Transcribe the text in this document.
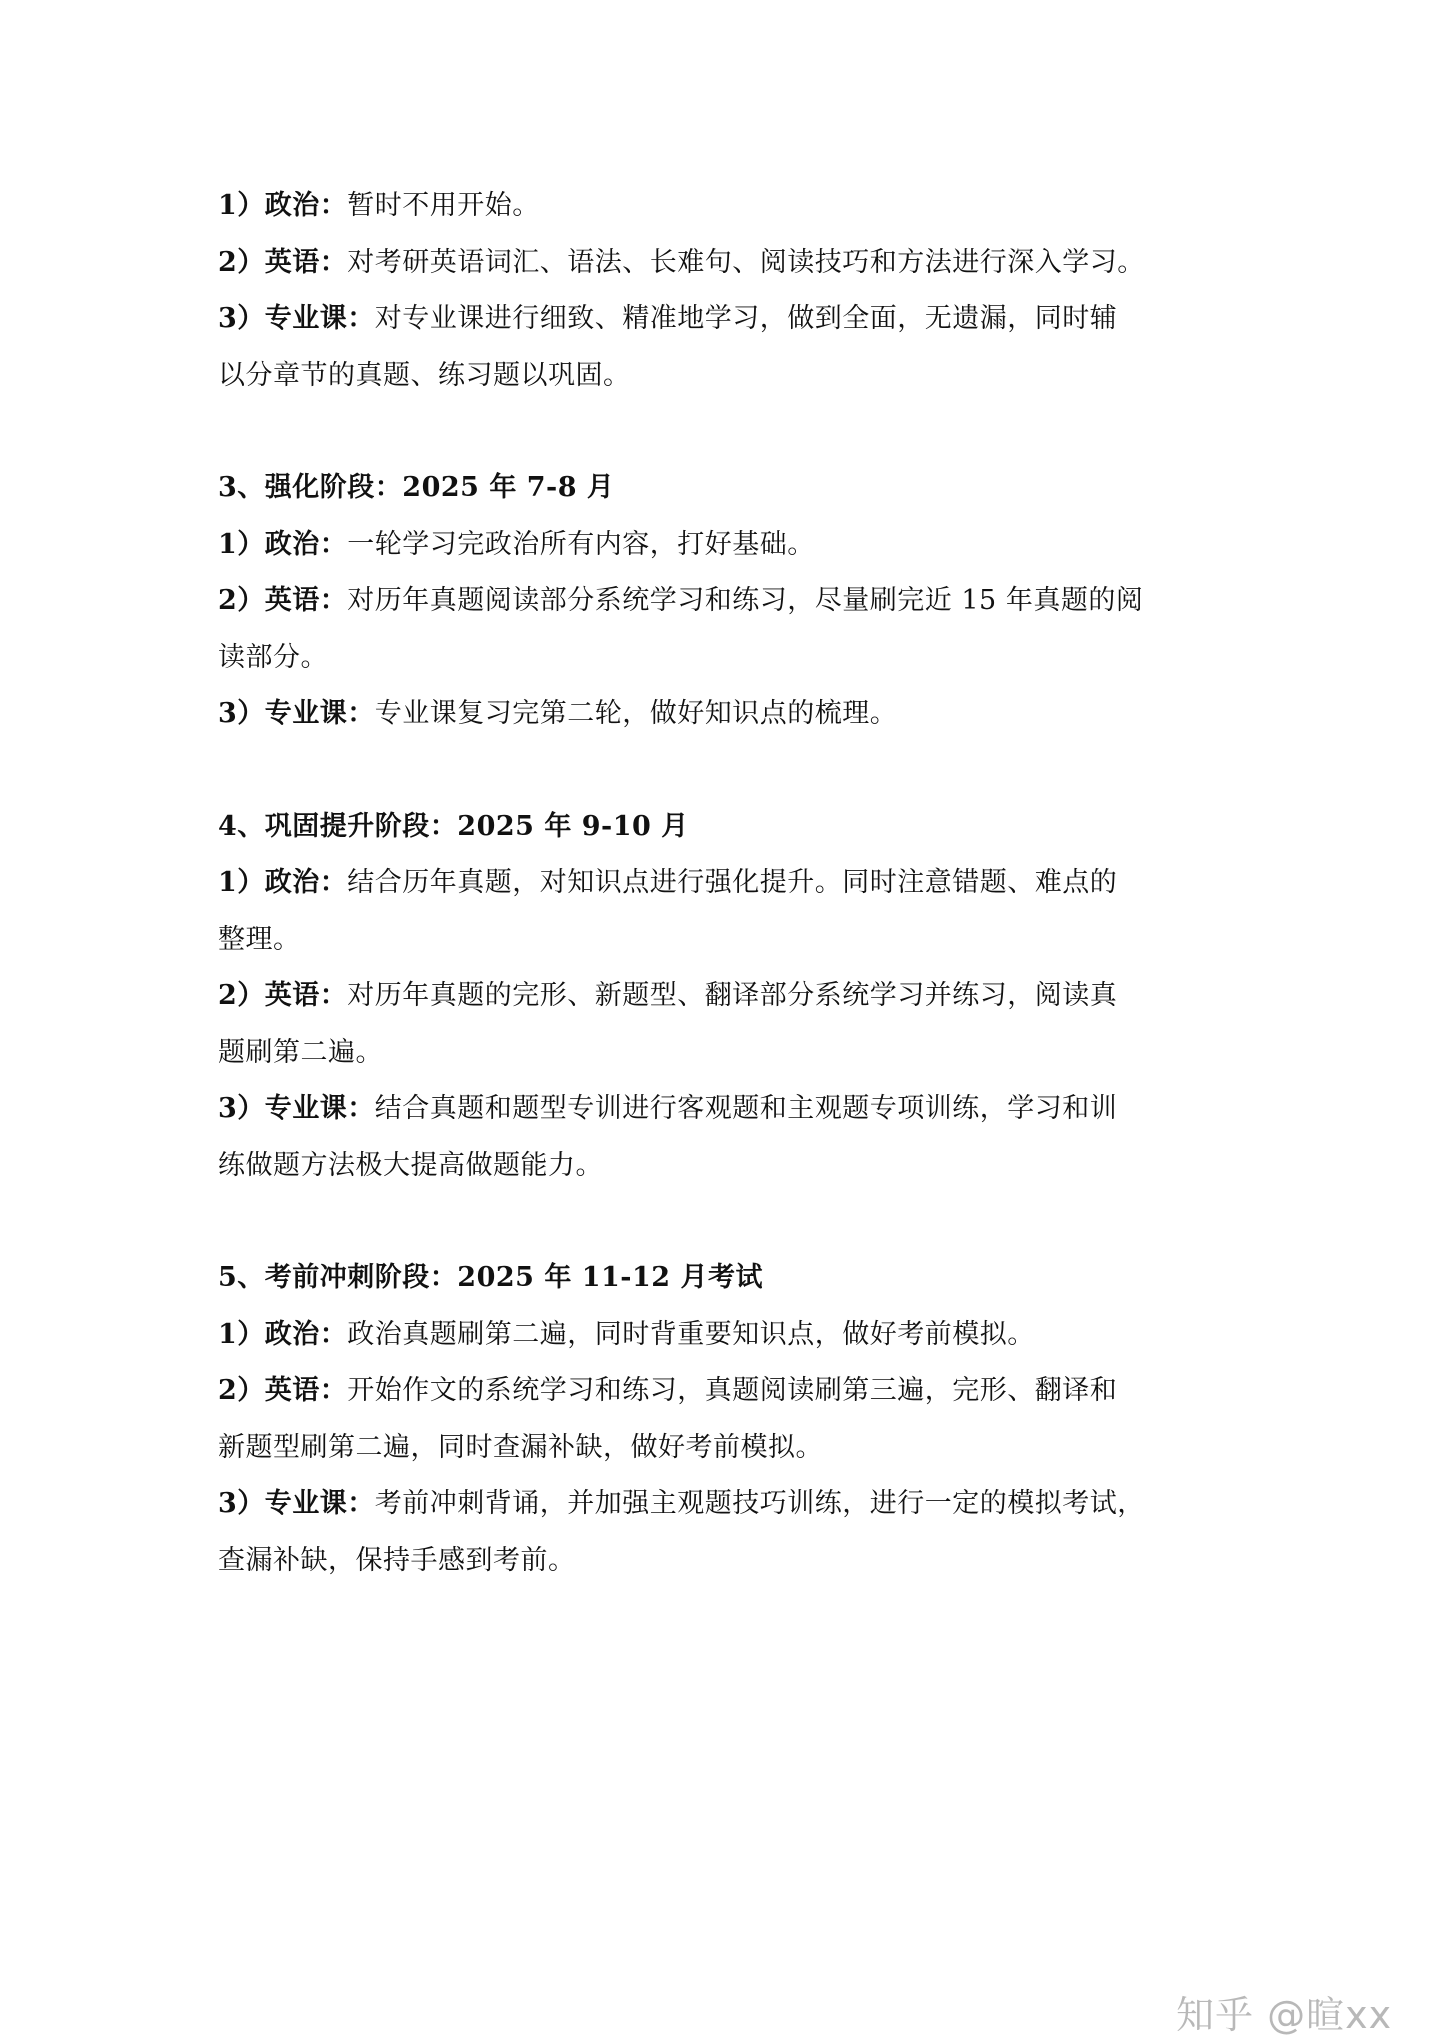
1）政治：暂时不用开始。
2）英语：对考研英语词汇、语法、长难句、阅读技巧和方法进行深入学习。
3）专业课：对专业课进行细致、精准地学习，做到全面，无遗漏，同时辅
以分章节的真题、练习题以巩固。
3、强化阶段：2025 年 7-8 月
1）政治：一轮学习完政治所有内容，打好基础。
2）英语：对历年真题阅读部分系统学习和练习，尽量刷完近 15 年真题的阅
读部分。
3）专业课：专业课复习完第二轮，做好知识点的梳理。
4、巩固提升阶段：2025 年 9-10 月
1）政治：结合历年真题，对知识点进行强化提升。同时注意错题、难点的
整理。
2）英语：对历年真题的完形、新题型、翻译部分系统学习并练习，阅读真
题刷第二遍。
3）专业课：结合真题和题型专训进行客观题和主观题专项训练，学习和训
练做题方法极大提高做题能力。
5、考前冲刺阶段：2025 年 11-12 月考试
1）政治：政治真题刷第二遍，同时背重要知识点，做好考前模拟。
2）英语：开始作文的系统学习和练习，真题阅读刷第三遍，完形、翻译和
新题型刷第二遍，同时查漏补缺，做好考前模拟。
3）专业课：考前冲刺背诵，并加强主观题技巧训练，进行一定的模拟考试，
查漏补缺，保持手感到考前。
知乎 @暄xx
